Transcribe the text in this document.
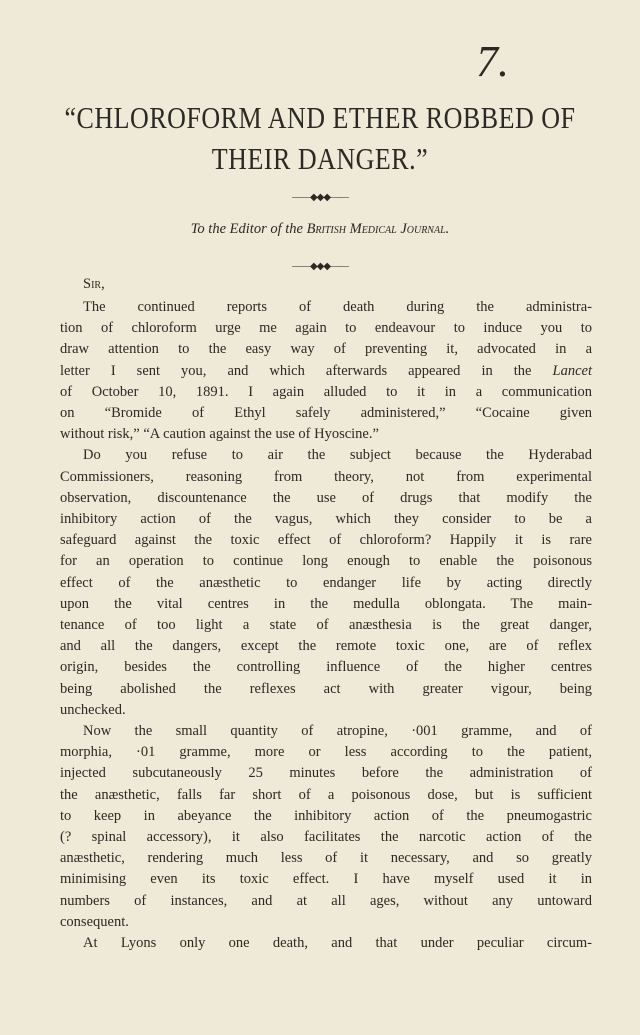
7.
“CHLOROFORM AND ETHER ROBBED OF
THEIR DANGER.”
——◆◆◆——
To the Editor of the British Medical Journal.
——◆◆◆——
Sir,
The continued reports of death during the administra-
tion of chloroform urge me again to endeavour to induce you to
draw attention to the easy way of preventing it, advocated in a
letter I sent you, and which afterwards appeared in the Lancet
of October 10, 1891. I again alluded to it in a communication
on “Bromide of Ethyl safely administered,” “Cocaine given
without risk,” “A caution against the use of Hyoscine.”
Do you refuse to air the subject because the Hyderabad
Commissioners, reasoning from theory, not from experimental
observation, discountenance the use of drugs that modify the
inhibitory action of the vagus, which they consider to be a
safeguard against the toxic effect of chloroform? Happily it is rare
for an operation to continue long enough to enable the poisonous
effect of the anæsthetic to endanger life by acting directly
upon the vital centres in the medulla oblongata. The main-
tenance of too light a state of anæsthesia is the great danger,
and all the dangers, except the remote toxic one, are of reflex
origin, besides the controlling influence of the higher centres
being abolished the reflexes act with greater vigour, being
unchecked.
Now the small quantity of atropine, ·001 gramme, and of
morphia, ·01 gramme, more or less according to the patient,
injected subcutaneously 25 minutes before the administration of
the anæsthetic, falls far short of a poisonous dose, but is sufficient
to keep in abeyance the inhibitory action of the pneumogastric
(? spinal accessory), it also facilitates the narcotic action of the
anæsthetic, rendering much less of it necessary, and so greatly
minimising even its toxic effect. I have myself used it in
numbers of instances, and at all ages, without any untoward
consequent.
At Lyons only one death, and that under peculiar circum-
